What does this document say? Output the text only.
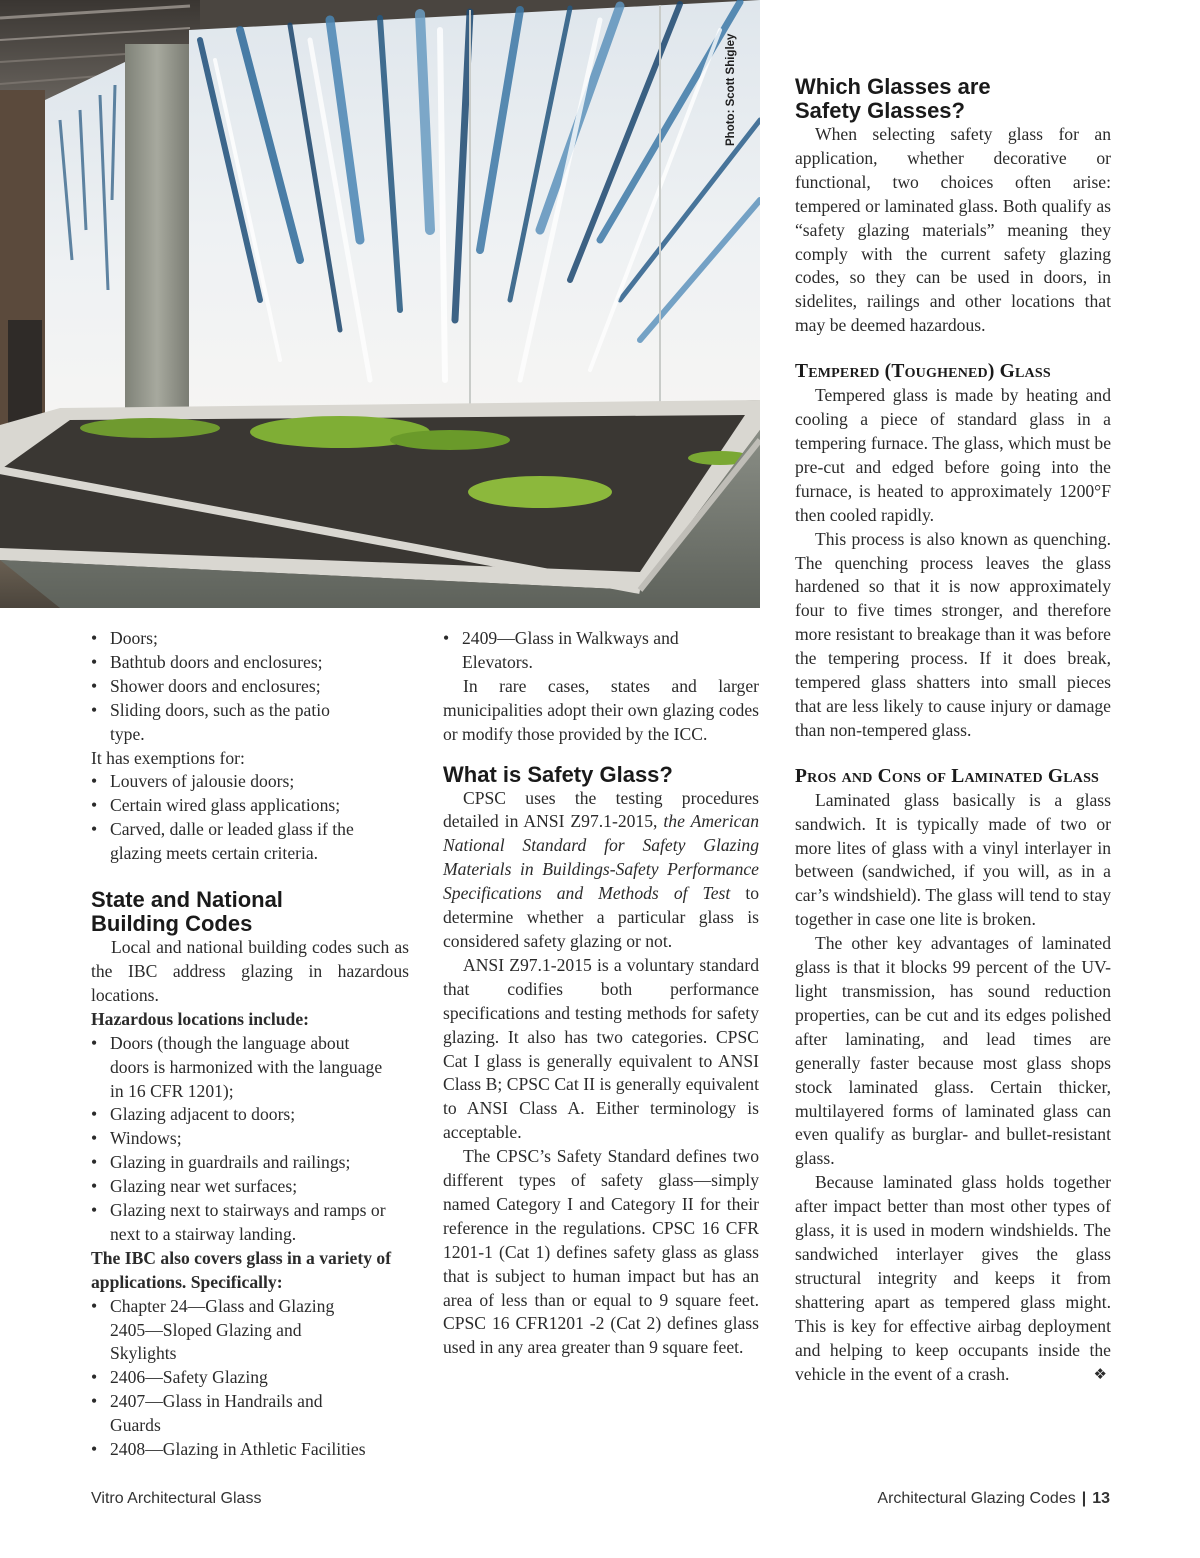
Photo: Scott Shigley
• Doors;
• Bathtub doors and enclosures;
• Shower doors and enclosures;
• Sliding doors, such as the patio type.

It has exemptions for:

• Louvers of jalousie doors;
• Certain wired glass applications;
• Carved, dalle or leaded glass if the glazing meets certain criteria.
State and National Building Codes

Local and national building codes such as the IBC address glazing in hazardous locations.

Hazardous locations include:

• Doors (though the language about doors is harmonized with the language in 16 CFR 1201);
• Glazing adjacent to doors;
• Windows;
• Glazing in guardrails and railings;
• Glazing near wet surfaces;
• Glazing next to stairways and ramps or next to a stairway landing.

The IBC also covers glass in a variety of applications. Specifically:

• Chapter 24—Glass and Glazing 2405—Sloped Glazing and Skylights
• 2406—Safety Glazing
• 2407—Glass in Handrails and Guards
• 2408—Glazing in Athletic Facilities
• 2409—Glass in Walkways and Elevators.

In rare cases, states and larger municipalities adopt their own glazing codes or modify those provided by the ICC.

What is Safety Glass?

CPSC uses the testing procedures detailed in ANSI Z97.1-2015, the American National Standard for Safety Glazing Materials in Buildings-Safety Performance Specifications and Methods of Test to determine whether a particular glass is considered safety glazing or not.

ANSI Z97.1-2015 is a voluntary standard that codifies both performance specifications and testing methods for safety glazing. It also has two categories. CPSC Cat I glass is generally equivalent to ANSI Class B; CPSC Cat II is generally equivalent to ANSI Class A. Either terminology is acceptable.

The CPSC’s Safety Standard defines two different types of safety glass—simply named Category I and Category II for their reference in the regulations. CPSC 16 CFR 1201-1 (Cat 1) defines safety glass as glass that is subject to human impact but has an area of less than or equal to 9 square feet. CPSC 16 CFR1201 -2 (Cat 2) defines glass used in any area greater than 9 square feet.

Which Glasses are Safety Glasses?

When selecting safety glass for an application, whether decorative or functional, two choices often arise: tempered or laminated glass. Both qualify as “safety glazing materials” meaning they comply with the current safety glazing codes, so they can be used in doors, in sidelites, railings and other locations that may be deemed hazardous.

Tempered (Toughened) Glass

Tempered glass is made by heating and cooling a piece of standard glass in a tempering furnace. The glass, which must be pre-cut and edged before going into the furnace, is heated to approximately 1200°F then cooled rapidly.

This process is also known as quenching. The quenching process leaves the glass hardened so that it is now approximately four to five times stronger, and therefore more resistant to breakage than it was before the tempering process. If it does break, tempered glass shatters into small pieces that are less likely to cause injury or damage than non-tempered glass.

Pros and Cons of Laminated Glass

Laminated glass basically is a glass sandwich. It is typically made of two or more lites of glass with a vinyl interlayer in between (sandwiched, if you will, as in a car’s windshield). The glass will tend to stay together in case one lite is broken.

The other key advantages of laminated glass is that it blocks 99 percent of the UV-light transmission, has sound reduction properties, can be cut and its edges polished after laminating, and lead times are generally faster because most glass shops stock laminated glass. Certain thicker, multilayered forms of laminated glass can even qualify as burglar- and bullet-resistant glass.

Because laminated glass holds together after impact better than most other types of glass, it is used in modern windshields. The sandwiched interlayer gives the glass structural integrity and keeps it from shattering apart as tempered glass might. This is key for effective airbag deployment and helping to keep occupants inside the vehicle in the event of a crash.	❖

Vitro Architectural Glass	Architectural Glazing Codes | 13
